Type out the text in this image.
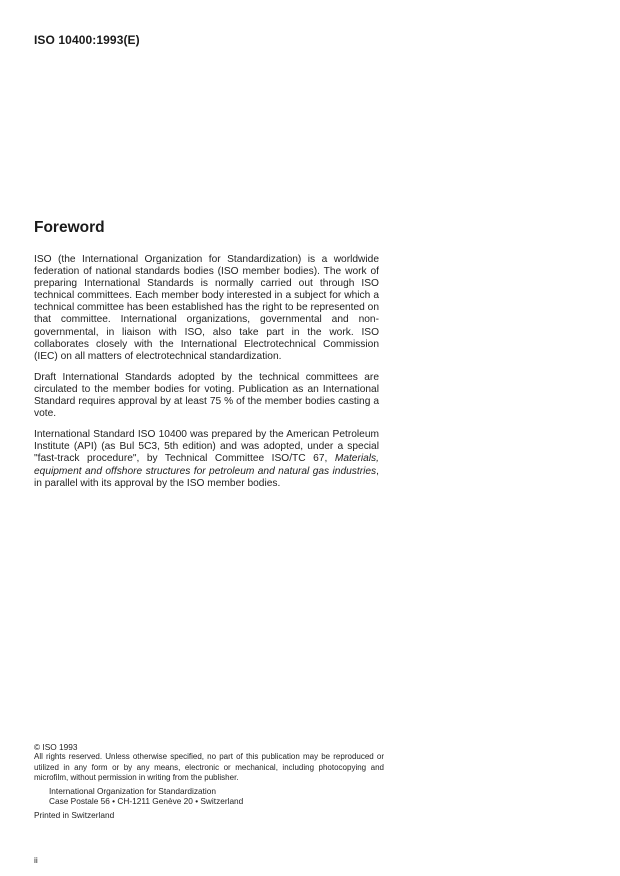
ISO 10400:1993(E)
Foreword

ISO (the International Organization for Standardization) is a worldwide federation of national standards bodies (ISO member bodies). The work of preparing International Standards is normally carried out through ISO technical committees. Each member body interested in a subject for which a technical committee has been established has the right to be represented on that committee. International organizations, governmental and non-governmental, in liaison with ISO, also take part in the work. ISO collaborates closely with the International Electrotechnical Commission (IEC) on all matters of electrotechnical standardization.

Draft International Standards adopted by the technical committees are circulated to the member bodies for voting. Publication as an International Standard requires approval by at least 75 % of the member bodies casting a vote.

International Standard ISO 10400 was prepared by the American Petroleum Institute (API) (as Bul 5C3, 5th edition) and was adopted, under a special "fast-track procedure", by Technical Committee ISO/TC 67, Materials, equipment and offshore structures for petroleum and natural gas industries, in parallel with its approval by the ISO member bodies.

© ISO 1993
All rights reserved. Unless otherwise specified, no part of this publication may be reproduced or utilized in any form or by any means, electronic or mechanical, including photocopying and microfilm, without permission in writing from the publisher.
International Organization for Standardization
Case Postale 56 • CH-1211 Genève 20 • Switzerland
Printed in Switzerland
ii
